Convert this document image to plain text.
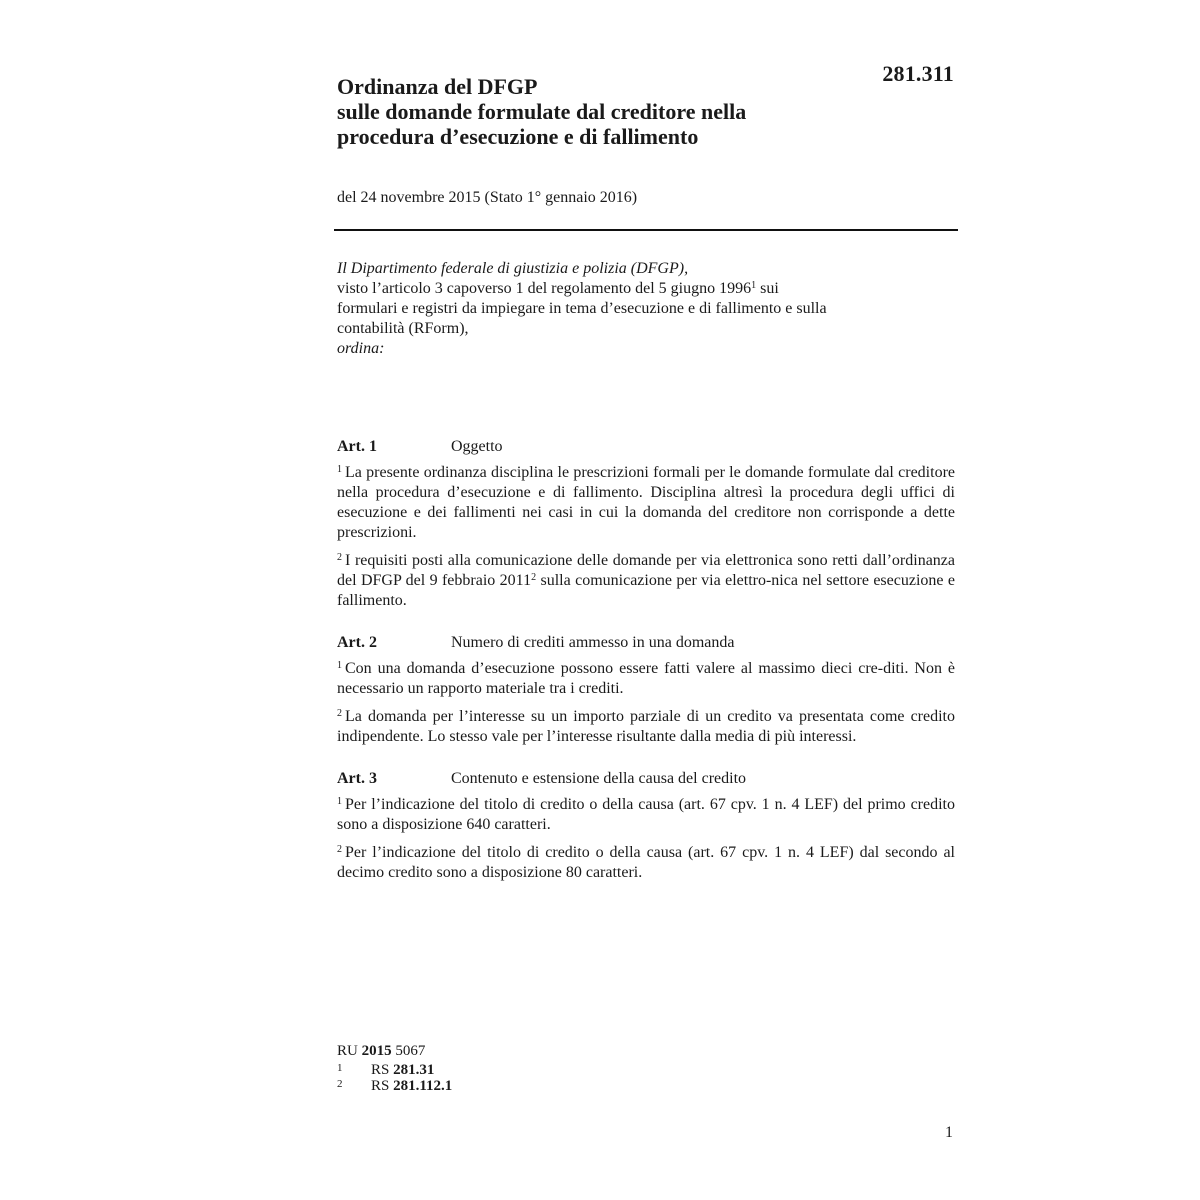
281.311
Ordinanza del DFGP
sulle domande formulate dal creditore nella
procedura d’esecuzione e di fallimento
del 24 novembre 2015 (Stato 1° gennaio 2016)
Il Dipartimento federale di giustizia e polizia (DFGP),
visto l’articolo 3 capoverso 1 del regolamento del 5 giugno 1996$^1$ sui
formulari e registri da impiegare in tema d’esecuzione e di fallimento e sulla
contabilità (RForm),
ordina:
Art. 1	Oggetto

$^1$ La presente ordinanza disciplina le prescrizioni formali per le domande formulate dal creditore nella procedura d’esecuzione e di fallimento. Disciplina altresì la procedura degli uffici di esecuzione e dei fallimenti nei casi in cui la domanda del creditore non corrisponde a dette prescrizioni.

$^2$ I requisiti posti alla comunicazione delle domande per via elettronica sono retti dall’ordinanza del DFGP del 9 febbraio 2011$^2$ sulla comunicazione per via elettro-nica nel settore esecuzione e fallimento.

Art. 2	Numero di crediti ammesso in una domanda

$^1$ Con una domanda d’esecuzione possono essere fatti valere al massimo dieci cre-diti. Non è necessario un rapporto materiale tra i crediti.

$^2$ La domanda per l’interesse su un importo parziale di un credito va presentata come credito indipendente. Lo stesso vale per l’interesse risultante dalla media di più interessi.

Art. 3	Contenuto e estensione della causa del credito

$^1$ Per l’indicazione del titolo di credito o della causa (art. 67 cpv. 1 n. 4 LEF) del primo credito sono a disposizione 640 caratteri.

$^2$ Per l’indicazione del titolo di credito o della causa (art. 67 cpv. 1 n. 4 LEF) dal secondo al decimo credito sono a disposizione 80 caratteri.

RU 2015 5067
1	RS 281.31
2	RS 281.112.1
1
